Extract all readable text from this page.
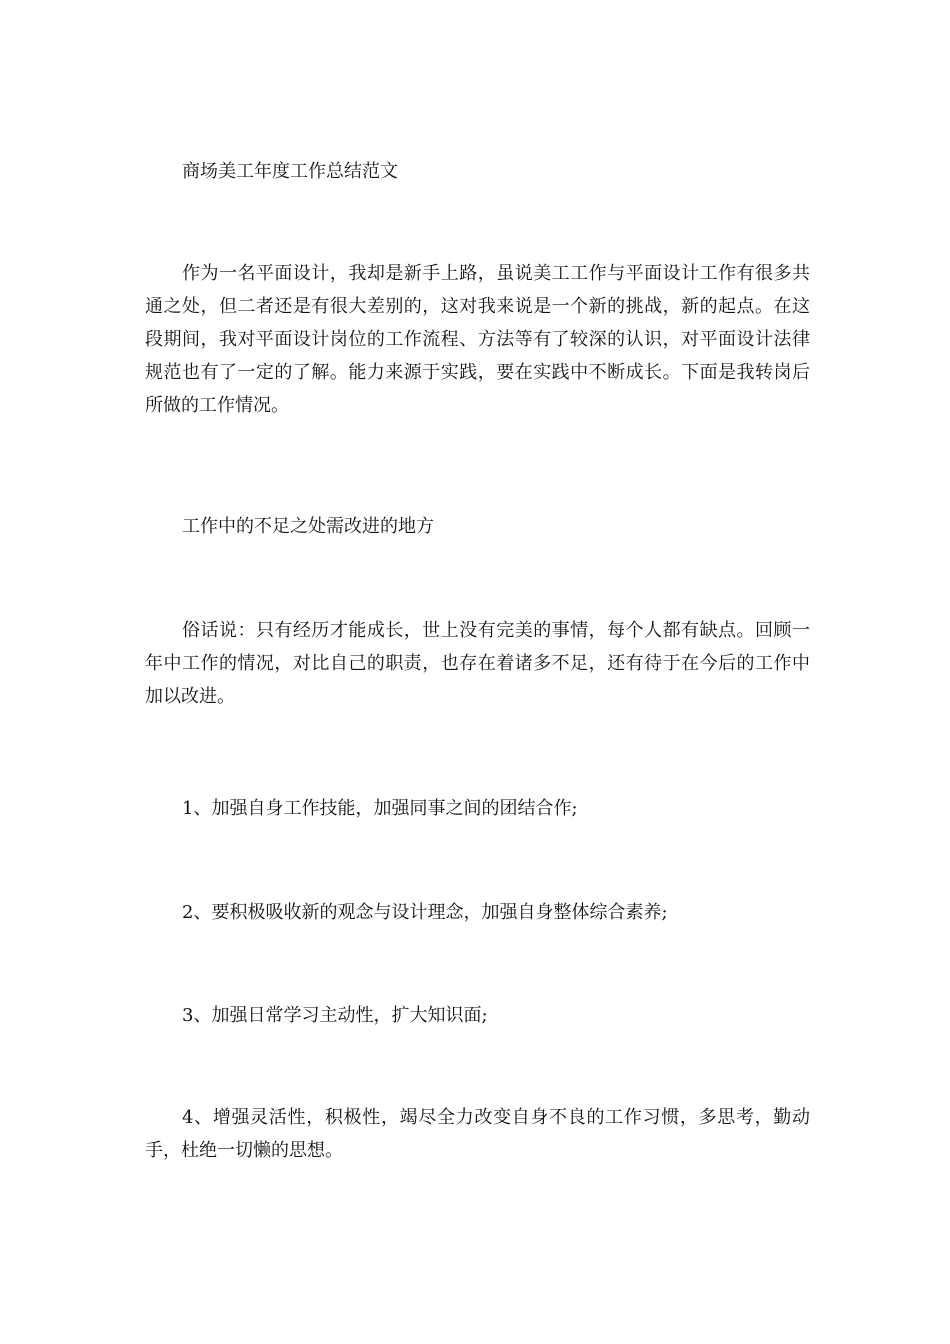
商场美工年度工作总结范文

作为一名平面设计，我却是新手上路，虽说美工工作与平面设计工作有很多共通之处，但二者还是有很大差别的，这对我来说是一个新的挑战，新的起点。在这段期间，我对平面设计岗位的工作流程、方法等有了较深的认识，对平面设计法律规范也有了一定的了解。能力来源于实践，要在实践中不断成长。下面是我转岗后所做的工作情况。

工作中的不足之处需改进的地方

俗话说：只有经历才能成长，世上没有完美的事情，每个人都有缺点。回顾一年中工作的情况，对比自己的职责，也存在着诸多不足，还有待于在今后的工作中加以改进。

1、加强自身工作技能，加强同事之间的团结合作;

2、要积极吸收新的观念与设计理念，加强自身整体综合素养;

3、加强日常学习主动性，扩大知识面;

4、增强灵活性，积极性，竭尽全力改变自身不良的工作习惯，多思考，勤动手，杜绝一切懒的思想。
